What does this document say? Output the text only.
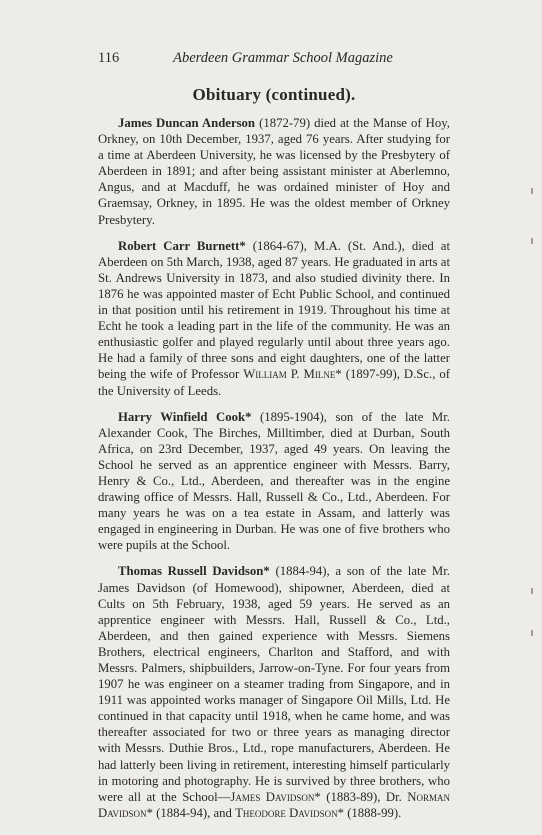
116	Aberdeen Grammar School Magazine
Obituary (continued).

James Duncan Anderson (1872-79) died at the Manse of Hoy, Orkney, on 10th December, 1937, aged 76 years. After studying for a time at Aberdeen University, he was licensed by the Presbytery of Aberdeen in 1891; and after being assistant minister at Aberlemno, Angus, and at Macduff, he was ordained minister of Hoy and Graemsay, Orkney, in 1895. He was the oldest member of Orkney Presbytery.

Robert Carr Burnett* (1864-67), M.A. (St. And.), died at Aberdeen on 5th March, 1938, aged 87 years. He graduated in arts at St. Andrews University in 1873, and also studied divinity there. In 1876 he was appointed master of Echt Public School, and continued in that position until his retirement in 1919. Throughout his time at Echt he took a leading part in the life of the community. He was an enthusiastic golfer and played regularly until about three years ago. He had a family of three sons and eight daughters, one of the latter being the wife of Professor William P. Milne* (1897-99), D.Sc., of the University of Leeds.

Harry Winfield Cook* (1895-1904), son of the late Mr. Alexander Cook, The Birches, Milltimber, died at Durban, South Africa, on 23rd December, 1937, aged 49 years. On leaving the School he served as an apprentice engineer with Messrs. Barry, Henry & Co., Ltd., Aberdeen, and thereafter was in the engine drawing office of Messrs. Hall, Russell & Co., Ltd., Aberdeen. For many years he was on a tea estate in Assam, and latterly was engaged in engineering in Durban. He was one of five brothers who were pupils at the School.

Thomas Russell Davidson* (1884-94), a son of the late Mr. James Davidson (of Homewood), shipowner, Aberdeen, died at Cults on 5th February, 1938, aged 59 years. He served as an apprentice engineer with Messrs. Hall, Russell & Co., Ltd., Aberdeen, and then gained experience with Messrs. Siemens Brothers, electrical engineers, Charlton and Stafford, and with Messrs. Palmers, shipbuilders, Jarrow-on-Tyne. For four years from 1907 he was engineer on a steamer trading from Singapore, and in 1911 was appointed works manager of Singapore Oil Mills, Ltd. He continued in that capacity until 1918, when he came home, and was thereafter associated for two or three years as managing director with Messrs. Duthie Bros., Ltd., rope manufacturers, Aberdeen. He had latterly been living in retirement, interesting himself particularly in motoring and photography. He is survived by three brothers, who were all at the School—James Davidson* (1883-89), Dr. Norman Davidson* (1884-94), and Theodore Davidson* (1888-99).
